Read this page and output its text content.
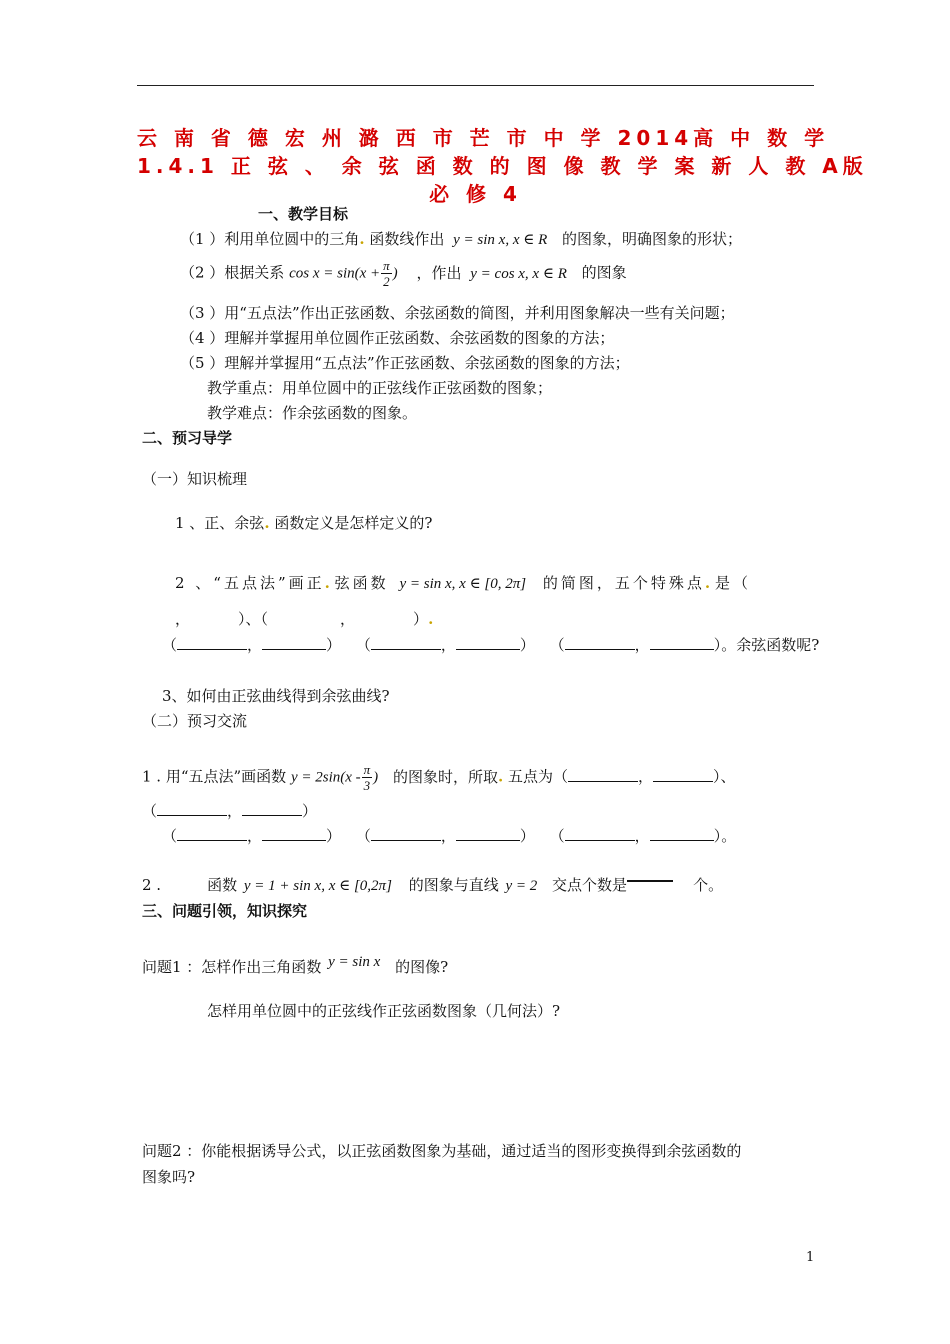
云 南 省 德 宏 州 潞 西 市 芒 市 中 学 2014高 中 数 学
1.4.1 正 弦 、 余 弦 函 数 的 图 像 教 学 案 新 人 教 A版
必 修 4
一、教学目标
（1 ）利用单位圆中的三角. 函数线作出 y = sin x, x ∈ R 的图象，明确图象的形状；
（2 ）根据关系 $\cos x = \sin(x + \frac{\pi}{2}$ ) ，作出 y = cos x, x ∈ R 的图象
（3 ）用“五点法”作出正弦函数、余弦函数的简图，并利用图象解决一些有关问题；
（4 ）理解并掌握用单位圆作正弦函数、余弦函数的图象的方法；
（5 ）理解并掌握用“五点法”作正弦函数、余弦函数的图象的方法；
教学重点：用单位圆中的正弦线作正弦函数的图象；
教学难点：作余弦函数的图象。
二、预习导学
（一）知识梳理
1 、正、余弦. 函数定义是怎样定义的?
2 、“五点法”画正. 弦函数 y = sin x, x ∈ [0, 2π] 的简图，五个特殊点. 是（
，	）、（	，	）.
（	，	） （	，	） （	，	）。余弦函数呢?
3、如何由正弦曲线得到余弦曲线?
（二）预习交流
1 . 用“五点法”画函数 $y = 2\sin(x - \frac{\pi}{3}$ ) 的图象时，所取. 五点为（	，	）、
（	，	）
（	，	） （	，	） （	，	）。
2 .	函数 y = 1 + sin x, x ∈ [0,2π] 的图象与直线 y = 2 交点个数是	个。
三、问题引领，知识探究
问题1 ：怎样作出三角函数 y = sin x 的图像?
怎样用单位圆中的正弦线作正弦函数图象（几何法）?
问题2 ：你能根据诱导公式，以正弦函数图象为基础，通过适当的图形变换得到余弦函数的
图象吗?
1
